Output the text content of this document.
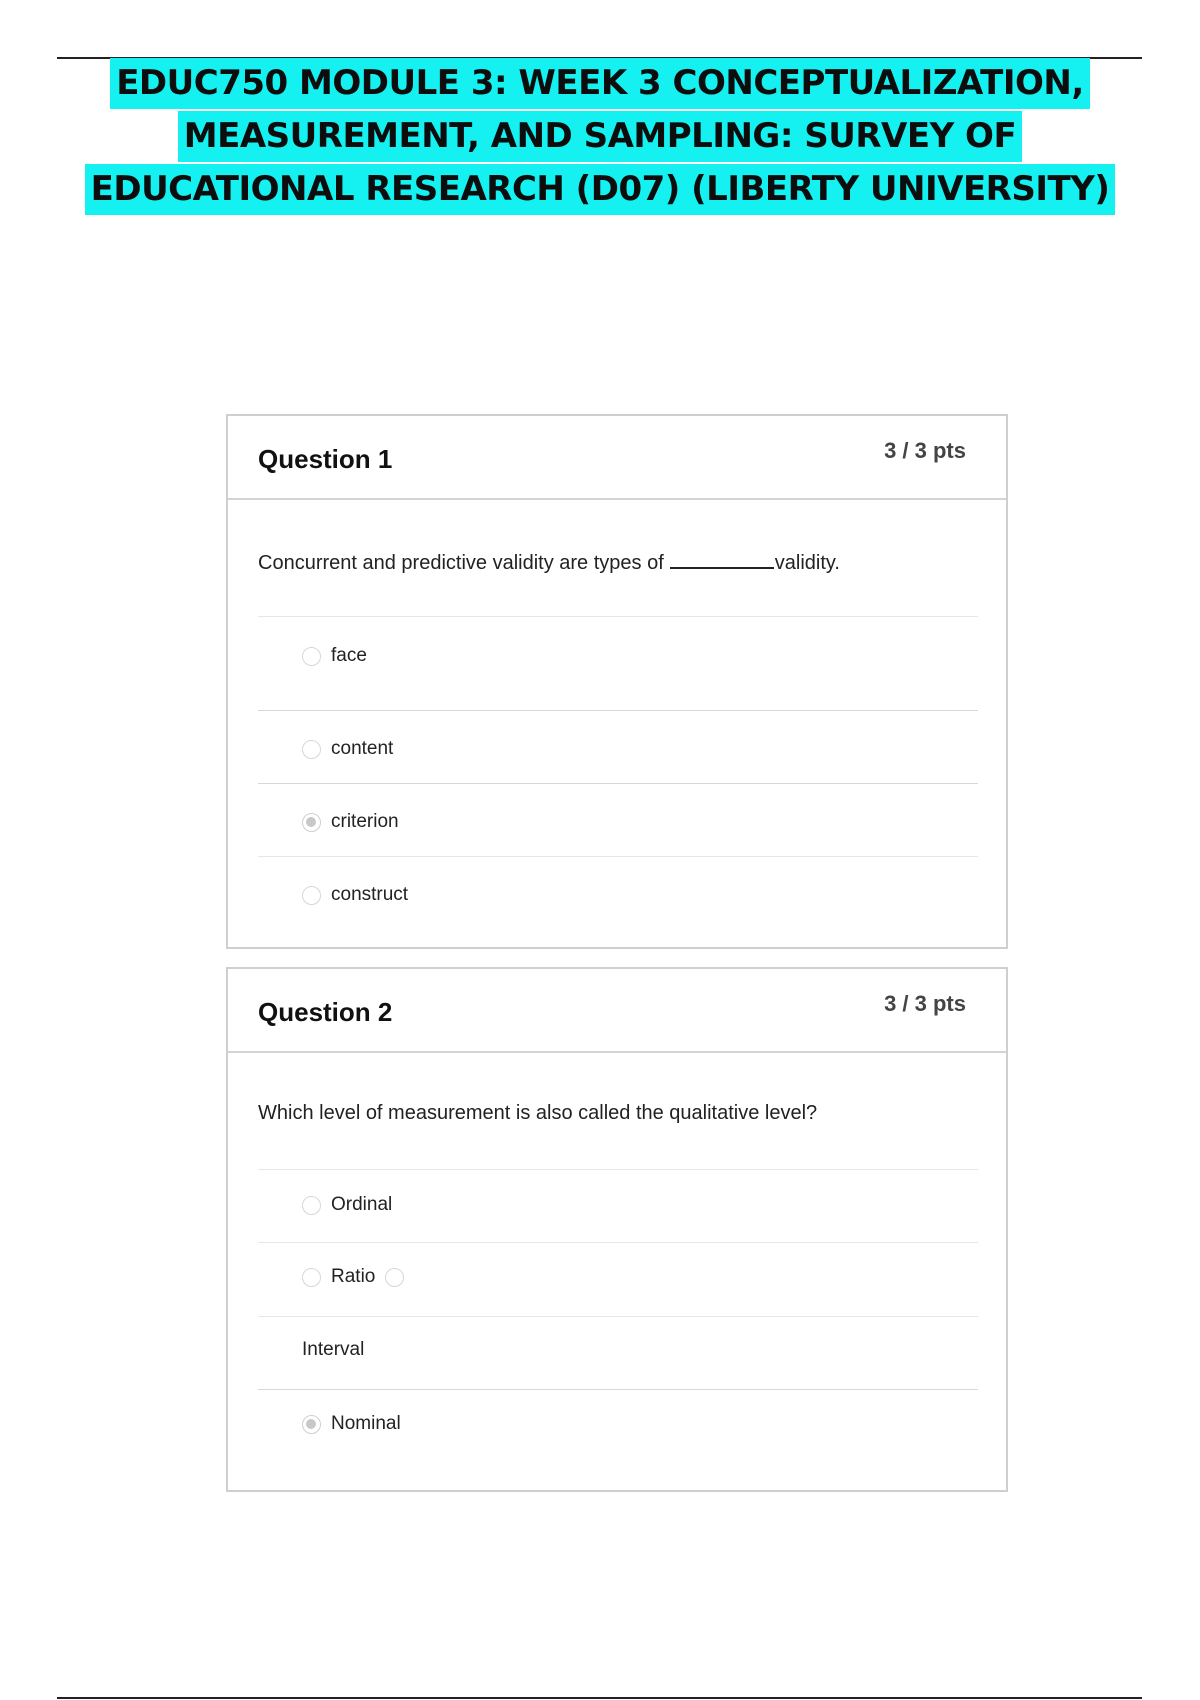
EDUC750 MODULE 3: WEEK 3 CONCEPTUALIZATION,
MEASUREMENT, AND SAMPLING: SURVEY OF
EDUCATIONAL RESEARCH (D07) (LIBERTY UNIVERSITY)
Question 1	3 / 3 pts
Concurrent and predictive validity are types of	validity.
face
content
criterion
construct
Question 2	3 / 3 pts
Which level of measurement is also called the qualitative level?
Ordinal
Ratio
Interval
Nominal
